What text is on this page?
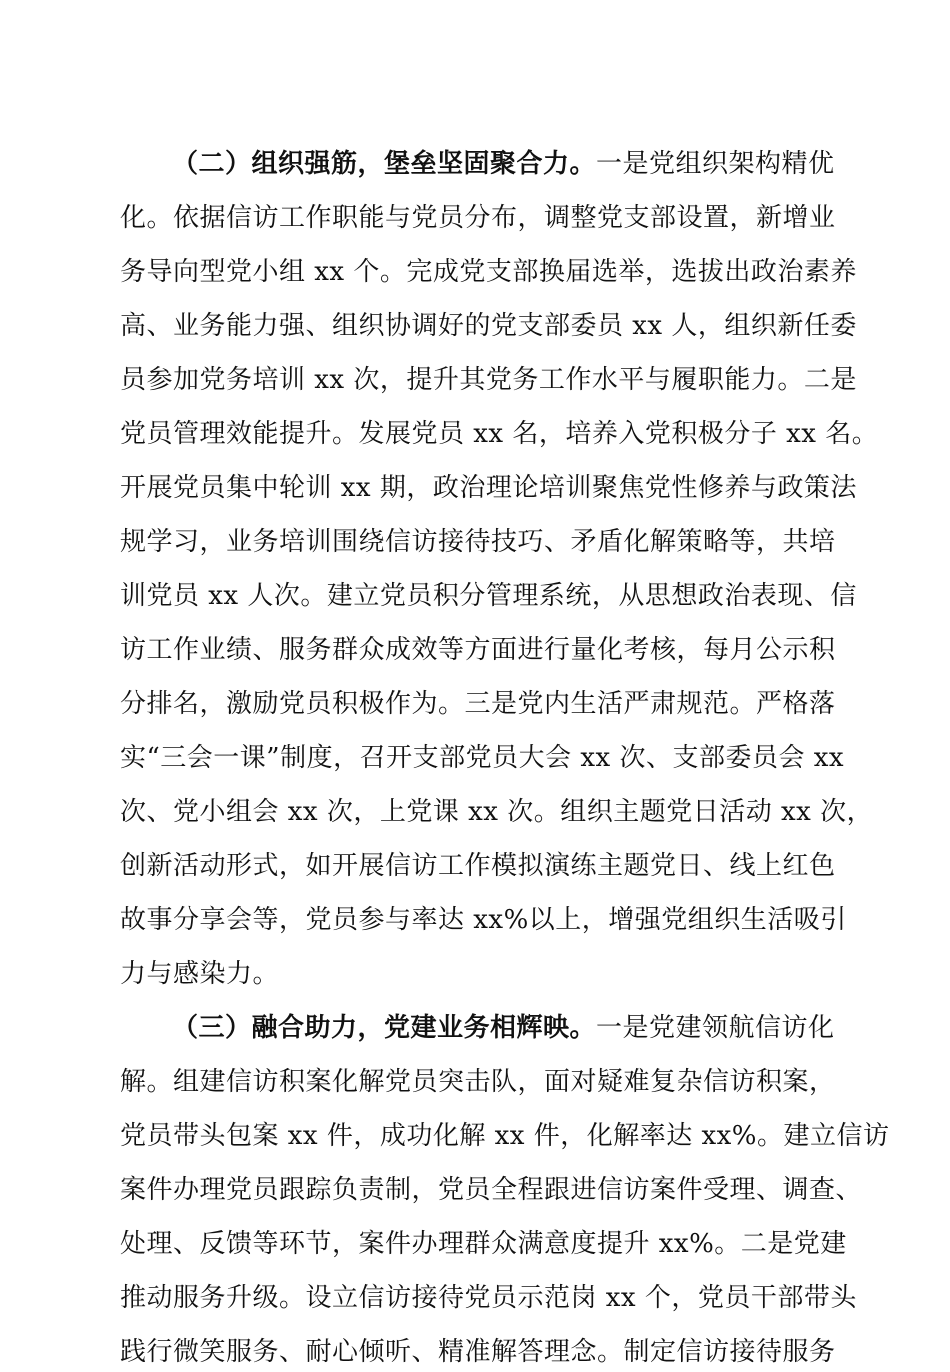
（二）组织强筋，堡垒坚固聚合力。一是党组织架构精优
化。依据信访工作职能与党员分布，调整党支部设置，新增业
务导向型党小组 xx 个。完成党支部换届选举，选拔出政治素养
高、业务能力强、组织协调好的党支部委员 xx 人，组织新任委
员参加党务培训 xx 次，提升其党务工作水平与履职能力。二是
党员管理效能提升。发展党员 xx 名，培养入党积极分子 xx 名。
开展党员集中轮训 xx 期，政治理论培训聚焦党性修养与政策法
规学习，业务培训围绕信访接待技巧、矛盾化解策略等，共培
训党员 xx 人次。建立党员积分管理系统，从思想政治表现、信
访工作业绩、服务群众成效等方面进行量化考核，每月公示积
分排名，激励党员积极作为。三是党内生活严肃规范。严格落
实“三会一课”制度，召开支部党员大会 xx 次、支部委员会 xx
次、党小组会 xx 次，上党课 xx 次。组织主题党日活动 xx 次，
创新活动形式，如开展信访工作模拟演练主题党日、线上红色
故事分享会等，党员参与率达 xx%以上，增强党组织生活吸引
力与感染力。
（三）融合助力，党建业务相辉映。一是党建领航信访化
解。组建信访积案化解党员突击队，面对疑难复杂信访积案，
党员带头包案 xx 件，成功化解 xx 件，化解率达 xx%。建立信访
案件办理党员跟踪负责制，党员全程跟进信访案件受理、调查、
处理、反馈等环节，案件办理群众满意度提升 xx%。二是党建
推动服务升级。设立信访接待党员示范岗 xx 个，党员干部带头
践行微笑服务、耐心倾听、精准解答理念。制定信访接待服务
